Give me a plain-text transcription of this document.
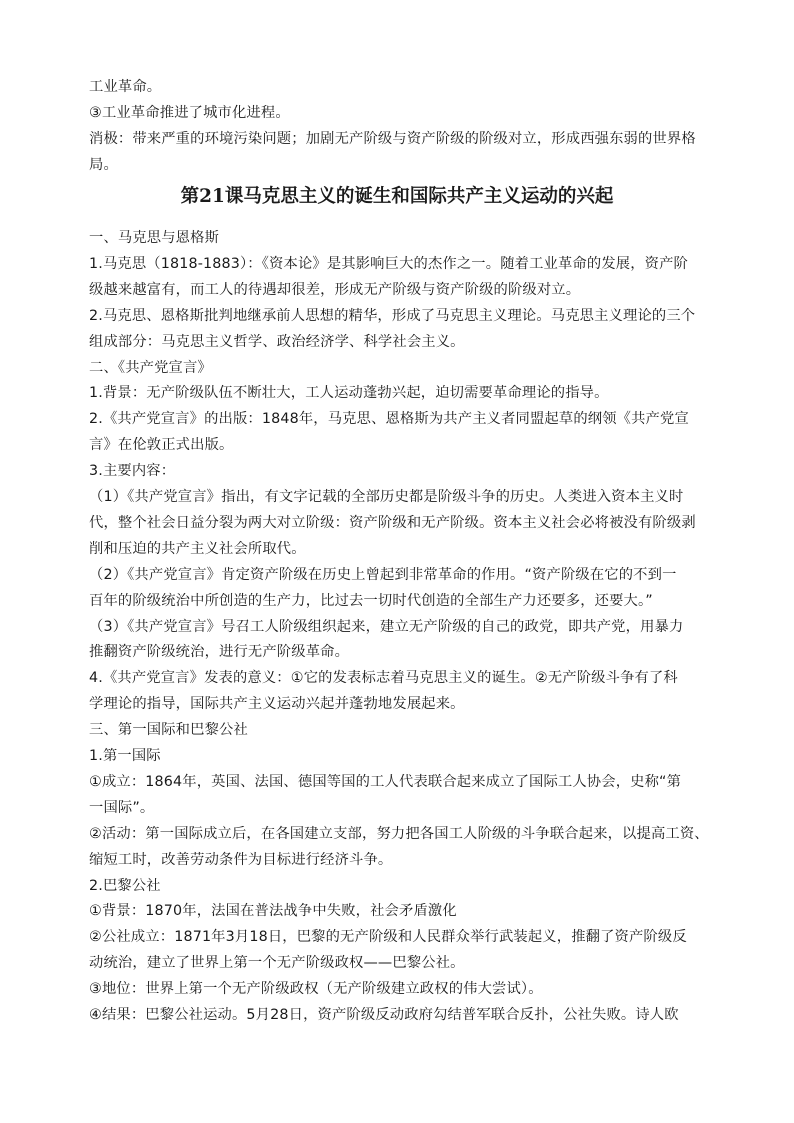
工业革命。
③工业革命推进了城市化进程。
消极：带来严重的环境污染问题；加剧无产阶级与资产阶级的阶级对立，形成西强东弱的世界格
局。
第21课马克思主义的诞生和国际共产主义运动的兴起
一、马克思与恩格斯
1.马克思（1818-1883）：《资本论》是其影响巨大的杰作之一。随着工业革命的发展，资产阶
级越来越富有，而工人的待遇却很差，形成无产阶级与资产阶级的阶级对立。
2.马克思、恩格斯批判地继承前人思想的精华，形成了马克思主义理论。马克思主义理论的三个
组成部分：马克思主义哲学、政治经济学、科学社会主义。
二、《共产党宣言》
1.背景：无产阶级队伍不断壮大，工人运动蓬勃兴起，迫切需要革命理论的指导。
2.《共产党宣言》的出版：1848年，马克思、恩格斯为共产主义者同盟起草的纲领《共产党宣
言》在伦敦正式出版。
3.主要内容：
（1）《共产党宣言》指出，有文字记载的全部历史都是阶级斗争的历史。人类进入资本主义时
代，整个社会日益分裂为两大对立阶级：资产阶级和无产阶级。资本主义社会必将被没有阶级剥
削和压迫的共产主义社会所取代。
（2）《共产党宣言》肯定资产阶级在历史上曾起到非常革命的作用。“资产阶级在它的不到一
百年的阶级统治中所创造的生产力，比过去一切时代创造的全部生产力还要多，还要大。”
（3）《共产党宣言》号召工人阶级组织起来，建立无产阶级的自己的政党，即共产党，用暴力
推翻资产阶级统治，进行无产阶级革命。
4.《共产党宣言》发表的意义：①它的发表标志着马克思主义的诞生。②无产阶级斗争有了科
学理论的指导，国际共产主义运动兴起并蓬勃地发展起来。
三、第一国际和巴黎公社
1.第一国际
①成立：1864年，英国、法国、德国等国的工人代表联合起来成立了国际工人协会，史称“第
一国际”。
②活动：第一国际成立后，在各国建立支部，努力把各国工人阶级的斗争联合起来，以提高工资、
缩短工时，改善劳动条件为目标进行经济斗争。
2.巴黎公社
①背景：1870年，法国在普法战争中失败，社会矛盾激化
②公社成立：1871年3月18日，巴黎的无产阶级和人民群众举行武装起义，推翻了资产阶级反
动统治，建立了世界上第一个无产阶级政权——巴黎公社。
③地位：世界上第一个无产阶级政权（无产阶级建立政权的伟大尝试）。
④结果：巴黎公社运动。5月28日，资产阶级反动政府勾结普军联合反扑，公社失败。诗人欧
